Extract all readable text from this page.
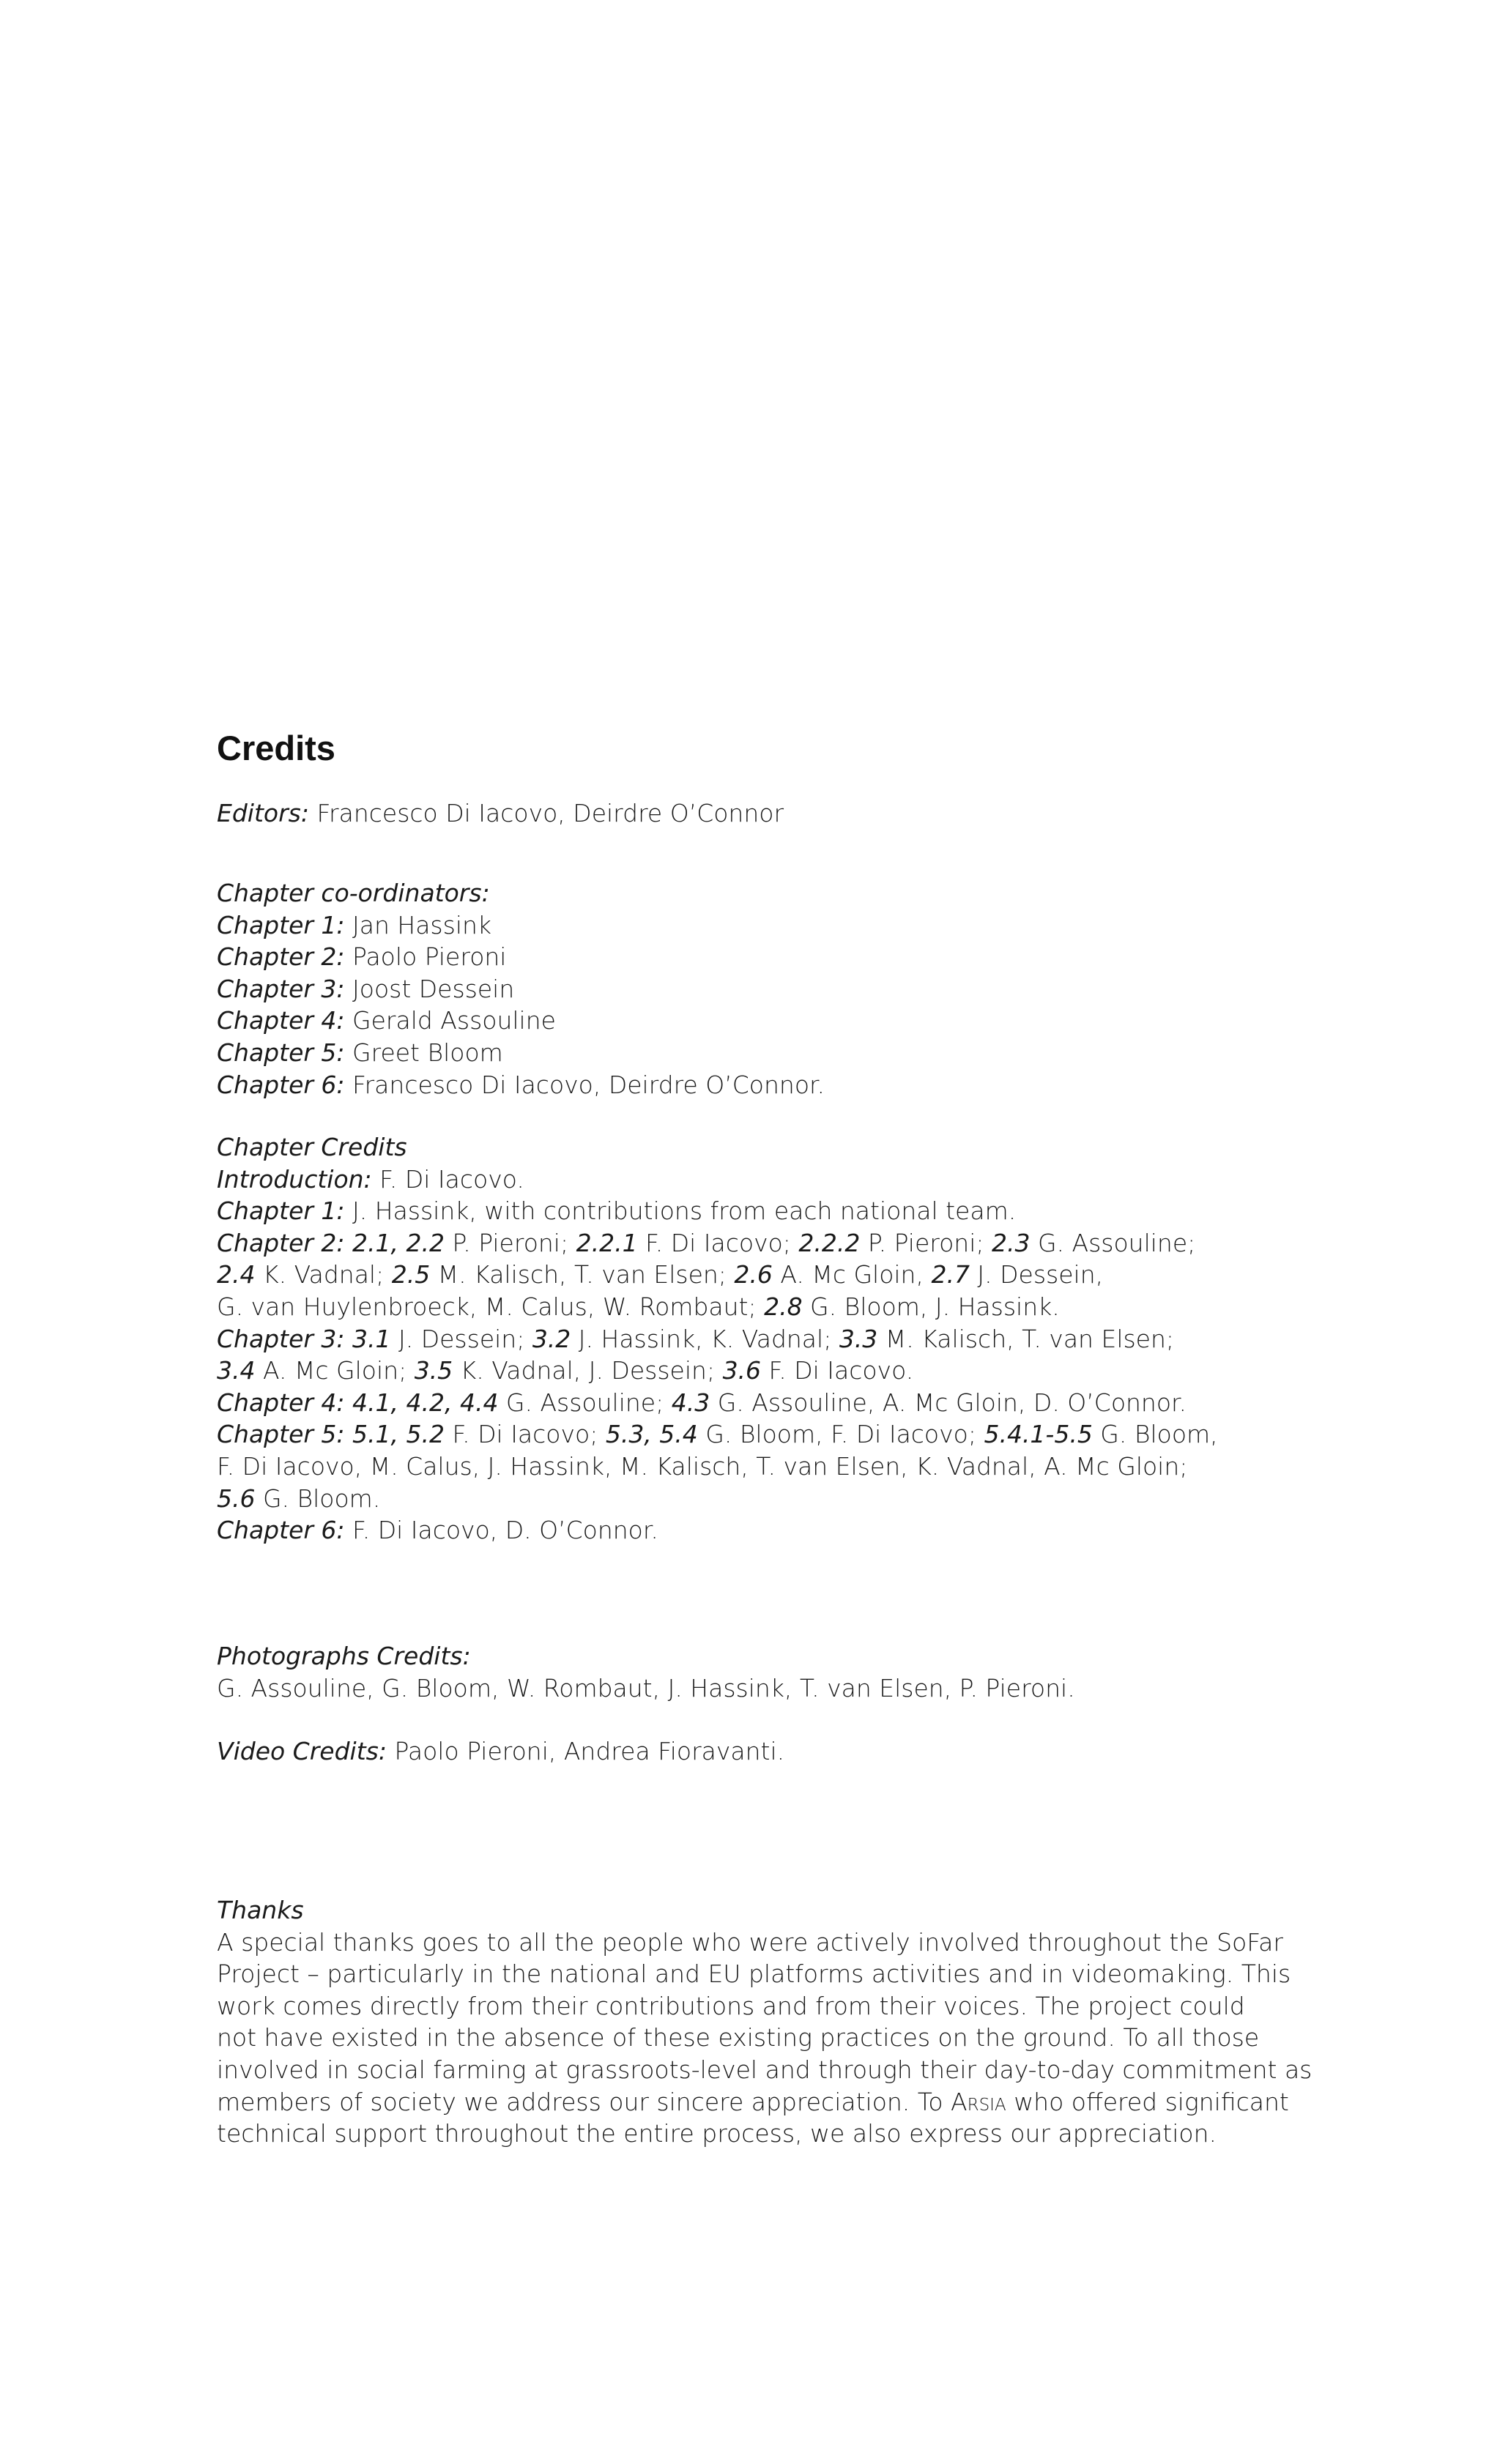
Credits
Editors: Francesco Di Iacovo, Deirdre O’Connor
Chapter co-ordinators:
Chapter 1: Jan Hassink
Chapter 2: Paolo Pieroni
Chapter 3: Joost Dessein
Chapter 4: Gerald Assouline
Chapter 5: Greet Bloom
Chapter 6: Francesco Di Iacovo, Deirdre O’Connor.
Chapter Credits
Introduction: F. Di Iacovo.
Chapter 1: J. Hassink, with contributions from each national team.
Chapter 2: 2.1, 2.2 P. Pieroni; 2.2.1 F. Di Iacovo; 2.2.2 P. Pieroni; 2.3 G. Assouline;
2.4 K. Vadnal; 2.5 M. Kalisch, T. van Elsen; 2.6 A. Mc Gloin, 2.7 J. Dessein,
G. van Huylenbroeck, M. Calus, W. Rombaut; 2.8 G. Bloom, J. Hassink.
Chapter 3: 3.1 J. Dessein; 3.2 J. Hassink, K. Vadnal; 3.3 M. Kalisch, T. van Elsen;
3.4 A. Mc Gloin; 3.5 K. Vadnal, J. Dessein; 3.6 F. Di Iacovo.
Chapter 4: 4.1, 4.2, 4.4 G. Assouline; 4.3 G. Assouline, A. Mc Gloin, D. O’Connor.
Chapter 5: 5.1, 5.2 F. Di Iacovo; 5.3, 5.4 G. Bloom, F. Di Iacovo; 5.4.1-5.5 G. Bloom,
F. Di Iacovo, M. Calus, J. Hassink, M. Kalisch, T. van Elsen, K. Vadnal, A. Mc Gloin;
5.6 G. Bloom.
Chapter 6: F. Di Iacovo, D. O’Connor.
Photographs Credits:
G. Assouline, G. Bloom, W. Rombaut, J. Hassink, T. van Elsen, P. Pieroni.
Video Credits: Paolo Pieroni, Andrea Fioravanti.
Thanks
A special thanks goes to all the people who were actively involved throughout the SoFar
Project – particularly in the national and EU platforms activities and in videomaking. This
work comes directly from their contributions and from their voices. The project could
not have existed in the absence of these existing practices on the ground. To all those
involved in social farming at grassroots-level and through their day-to-day commitment as
members of society we address our sincere appreciation. To Arsia who offered significant
technical support throughout the entire process, we also express our appreciation.
